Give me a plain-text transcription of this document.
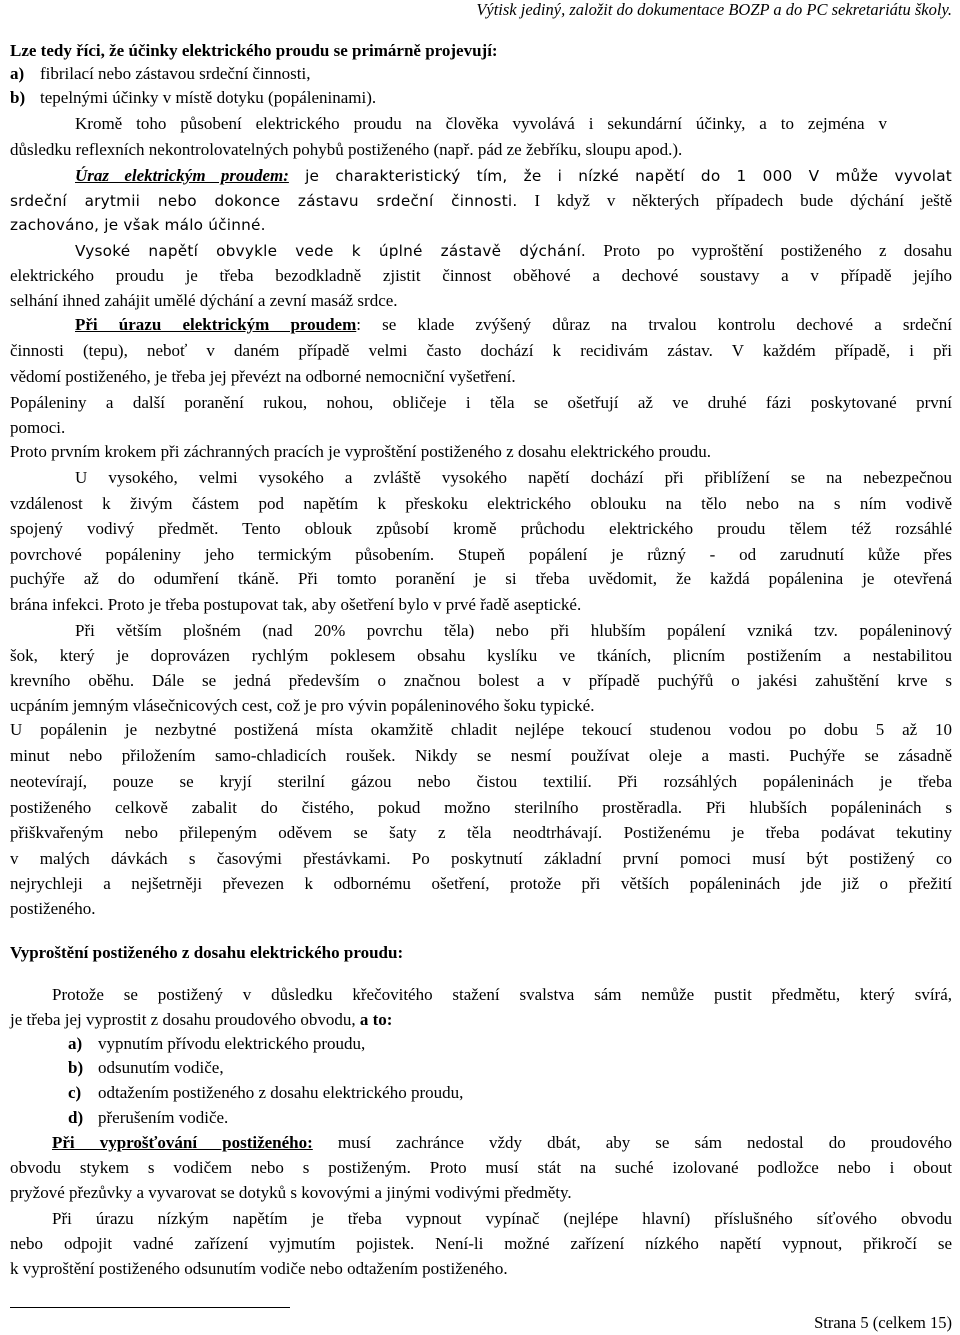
Výtisk jediný, založit do dokumentace BOZP a do PC sekretariátu školy.
Lze tedy říci, že účinky elektrického proudu se primárně projevují:
a) fibrilací nebo zástavou srdeční činnosti,
b) tepelnými účinky v místě dotyku (popáleninami).
Kromě toho působení elektrického proudu na člověka vyvolává i sekundární účinky, a to zejména v
důsledku reflexních nekontrolovatelných pohybů postiženého (např. pád ze žebříku, sloupu apod.).
Úraz elektrickým proudem: je charakteristický tím, že i nízké napětí do 1 000 V může vyvolat
srdeční arytmii nebo dokonce zástavu srdeční činnosti. I když v některých případech bude dýchání ještě
zachováno, je však málo účinné.
Vysoké napětí obvykle vede k úplné zástavě dýchání. Proto po vyproštění postiženého z dosahu
elektrického proudu je třeba bezodkladně zjistit činnost oběhové a dechové soustavy a v případě jejího
selhání ihned zahájit umělé dýchání a zevní masáž srdce.
Při úrazu elektrickým proudem: se klade zvýšený důraz na trvalou kontrolu dechové a srdeční
činnosti (tepu), neboť v daném případě velmi často dochází k recidivám zástav. V každém případě, i při
vědomí postiženého, je třeba jej převézt na odborné nemocniční vyšetření.
Popáleniny a další poranění rukou, nohou, obličeje i těla se ošetřují až ve druhé fázi poskytované první
pomoci.
Proto prvním krokem při záchranných pracích je vyproštění postiženého z dosahu elektrického proudu.
U vysokého, velmi vysokého a zvláště vysokého napětí dochází při přiblížení se na nebezpečnou
vzdálenost k živým částem pod napětím k přeskoku elektrického oblouku na tělo nebo na s ním vodivě
spojený vodivý předmět. Tento oblouk způsobí kromě průchodu elektrického proudu tělem též rozsáhlé
povrchové popáleniny jeho termickým působením. Stupeň popálení je různý - od zarudnutí kůže přes
puchýře až do odumření tkáně. Při tomto poranění je si třeba uvědomit, že každá popálenina je otevřená
brána infekci. Proto je třeba postupovat tak, aby ošetření bylo v prvé řadě aseptické.
Při větším plošném (nad 20% povrchu těla) nebo při hlubším popálení vzniká tzv. popáleninový
šok, který je doprovázen rychlým poklesem obsahu kyslíku ve tkáních, plicním postižením a nestabilitou
krevního oběhu. Dále se jedná především o značnou bolest a v případě puchýřů o jakési zahuštění krve s
ucpáním jemným vlásečnicových cest, což je pro vývin popáleninového šoku typické.
U popálenin je nezbytné postižená místa okamžitě chladit nejlépe tekoucí studenou vodou po dobu 5 až 10
minut nebo přiložením samo-chladicích roušek. Nikdy se nesmí používat oleje a masti. Puchýře se zásadně
neotevírají, pouze se kryjí sterilní gázou nebo čistou textilií. Při rozsáhlých popáleninách je třeba
postiženého celkově zabalit do čistého, pokud možno sterilního prostěradla. Při hlubších popáleninách s
přiškvařeným nebo přilepeným oděvem se šaty z těla neodtrhávají. Postiženému je třeba podávat tekutiny
v malých dávkách s časovými přestávkami. Po poskytnutí základní první pomoci musí být postižený co
nejrychleji a nejšetrněji převezen k odbornému ošetření, protože při větších popáleninách jde již o přežití
postiženého.
Vyproštění postiženého z dosahu elektrického proudu:
Protože se postižený v důsledku křečovitého stažení svalstva sám nemůže pustit předmětu, který svírá,
je třeba jej vyprostit z dosahu proudového obvodu, a to:
a) vypnutím přívodu elektrického proudu,
b) odsunutím vodiče,
c) odtažením postiženého z dosahu elektrického proudu,
d) přerušením vodiče.
Při vyprošťování postiženého: musí zachránce vždy dbát, aby se sám nedostal do proudového
obvodu stykem s vodičem nebo s postiženým. Proto musí stát na suché izolované podložce nebo i obout
pryžové přezůvky a vyvarovat se dotyků s kovovými a jinými vodivými předměty.
Při úrazu nízkým napětím je třeba vypnout vypínač (nejlépe hlavní) příslušného síťového obvodu
nebo odpojit vadné zařízení vyjmutím pojistek. Není-li možné zařízení nízkého napětí vypnout, přikročí se
k vyproštění postiženého odsunutím vodiče nebo odtažením postiženého.
Strana 5 (celkem 15)
